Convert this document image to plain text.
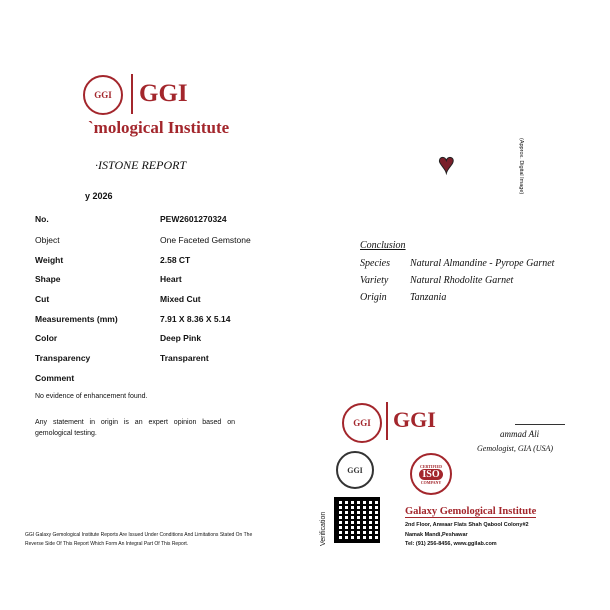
GGI	GGI
`mological Institute
·ISTONE REPORT
y 2026
No.	PEW2601270324
Object	One Faceted Gemstone
Weight	2.58 CT
Shape	Heart
Cut	Mixed Cut
Measurements (mm)	7.91 X 8.36 X 5.14
Color	Deep Pink
Transparency	Transparent
Comment
No evidence of enhancement found.
Any statement in origin is an expert opinion based on gemological testing.
GGI Galaxy Gemological Institute Reports Are Issued Under Conditions And Limitations Stated On The Reverse Side Of This Report Which Form An Integral Part Of This Report.
♥	(Approx. Digital Image)
Conclusion
Species Natural Almandine - Pyrope Garnet
Variety Natural Rhodolite Garnet
Origin Tanzania
GGI	GGI
ammad Ali
Gemologist, GIA (USA)
GGI	CERTIFIED
ISO
COMPANY
Verification
Galaxy Gemological Institute
2nd Floor, Anwaar Flats Shah Qabool Colony#2
Namak Mandi,Peshawar
Tel: (91) 256-8456, www.ggilab.com
